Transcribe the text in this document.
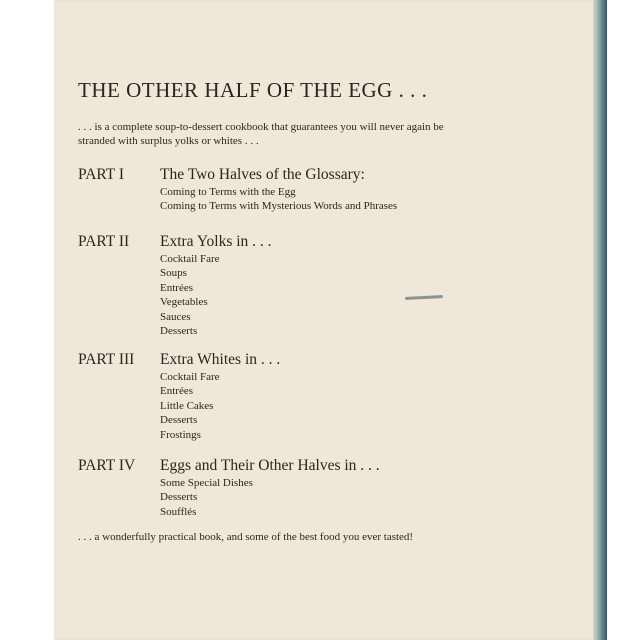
THE OTHER HALF OF THE EGG . . .

. . . is a complete soup-to-dessert cookbook that guarantees you will never again be stranded with surplus yolks or whites . . .

PART I The Two Halves of the Glossary:
Coming to Terms with the Egg
Coming to Terms with Mysterious Words and Phrases
PART II Extra Yolks in . . .
Cocktail Fare
Soups
Entrées
Vegetables
Sauces
Desserts
PART III Extra Whites in . . .
Cocktail Fare
Entrées
Little Cakes
Desserts
Frostings
PART IV Eggs and Their Other Halves in . . .
Some Special Dishes
Desserts
Soufflés

. . . a wonderfully practical book, and some of the best food you ever tasted!
